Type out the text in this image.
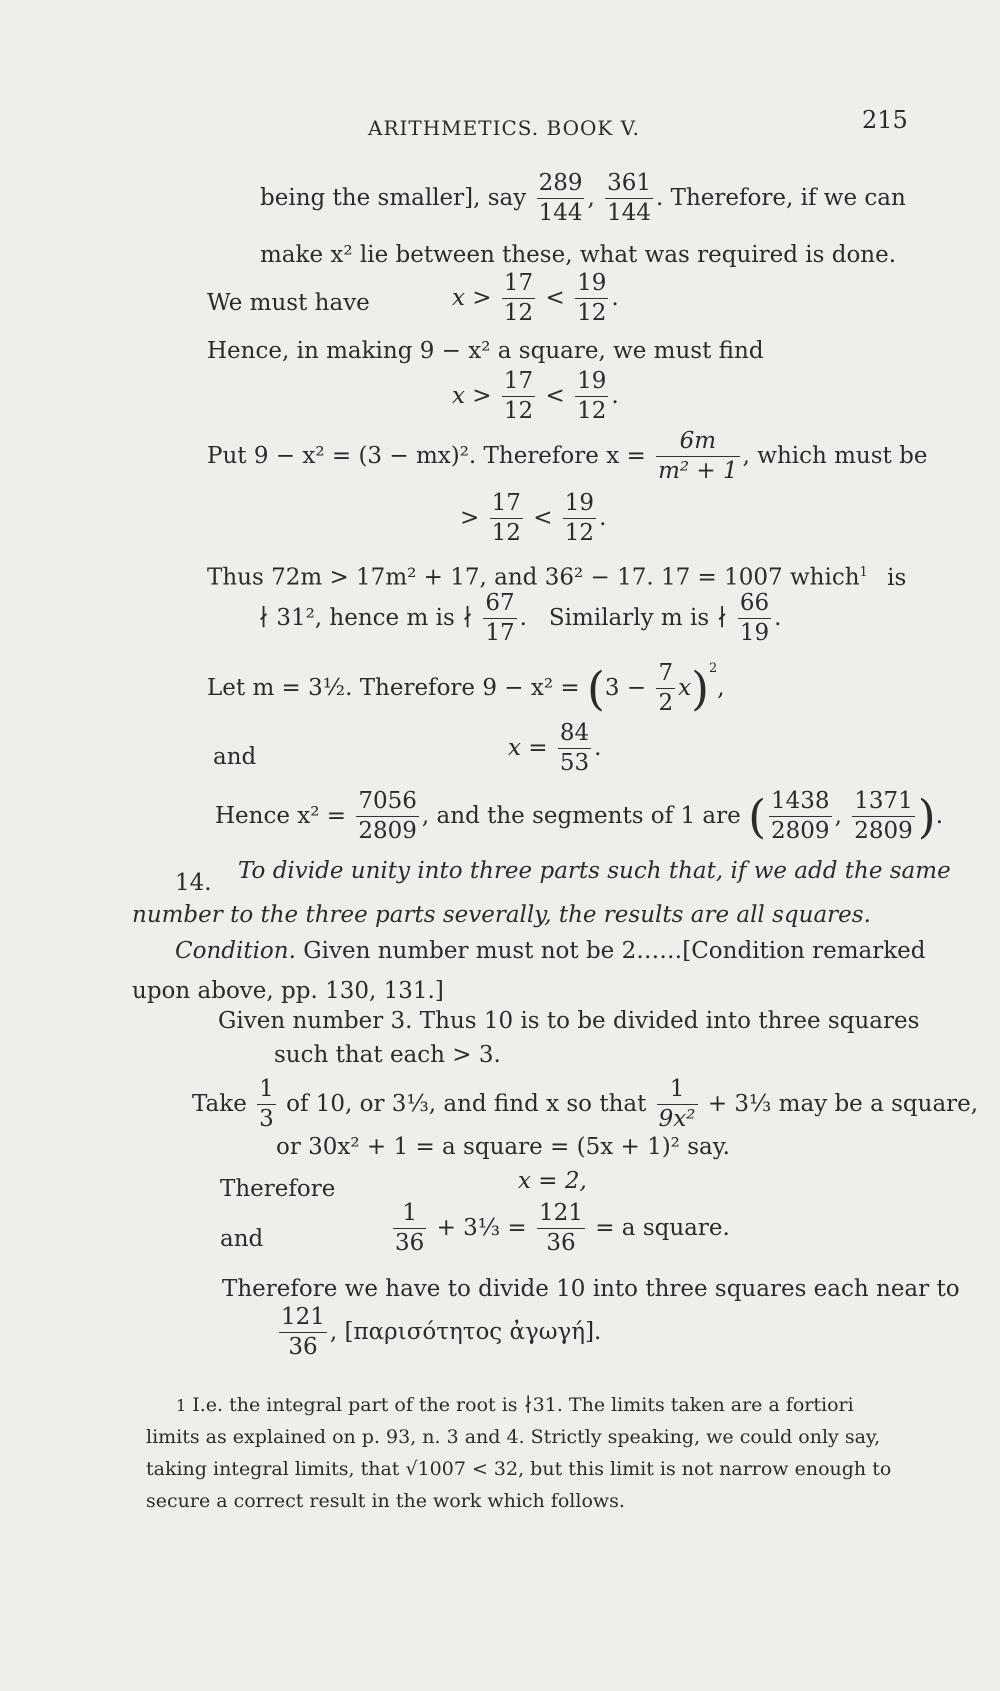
ARITHMETICS. BOOK V.	215
being the smaller], say $\frac{289}{144}$ , $\frac{361}{144}$ . Therefore, if we can
make x² lie between these, what was required is done.
We must have	$x > \frac{17}{12} < \frac{19}{12}$ .
Hence, in making 9 − x² a square, we must find
$x > \frac{17}{12} < \frac{19}{12}$ .
Put 9 − x² = (3 − mx)². Therefore $x = \frac{6m}{\text{m² + 1}}$ , which must be
> $\frac{17}{12} < \frac{19}{12}$ .
Thus 72m > 17m² + 17, and 36² − 17. 17 = 1007 which$^1$ is
∤ 31², hence m is ∤ $\frac{67}{17}$ .   Similarly m is ∤ $\frac{66}{19}$ .
Let m = 3½. Therefore $9 - x^2 = (3 - \frac{7}{2} x)^2$,
and	$x = \frac{84}{53}$ .
Hence $x^2 = \frac{7056}{2809}$ , and the segments of 1 are ( $\frac{1438}{2809}$ , $\frac{1371}{2809}$ ).
14. To divide unity into three parts such that, if we add the same
number to the three parts severally, the results are all squares.
Condition. Given number must not be 2……[Condition remarked
upon above, pp. 130, 131.]
Given number 3. Thus 10 is to be divided into three squares
such that each > 3.
Take $\frac{1}{3}$ of 10, or 3⅓, and find x so that $\frac{1}{\text{9x²}}$ + 3⅓ may be a square,
or 30x² + 1 = a square = (5x + 1)² say.
Therefore	x = 2,
and	$\frac{1}{36}$ + 3⅓ = $\frac{121}{36} = a$ square.
Therefore we have to divide 10 into three squares each near to
$\frac{121}{36}$ , [παρισότητος ἀγωγή].
1 I.e. the integral part of the root is ∤31. The limits taken are a fortiori
limits as explained on p. 93, n. 3 and 4. Strictly speaking, we could only say,
taking integral limits, that √1007 < 32, but this limit is not narrow enough to
secure a correct result in the work which follows.
